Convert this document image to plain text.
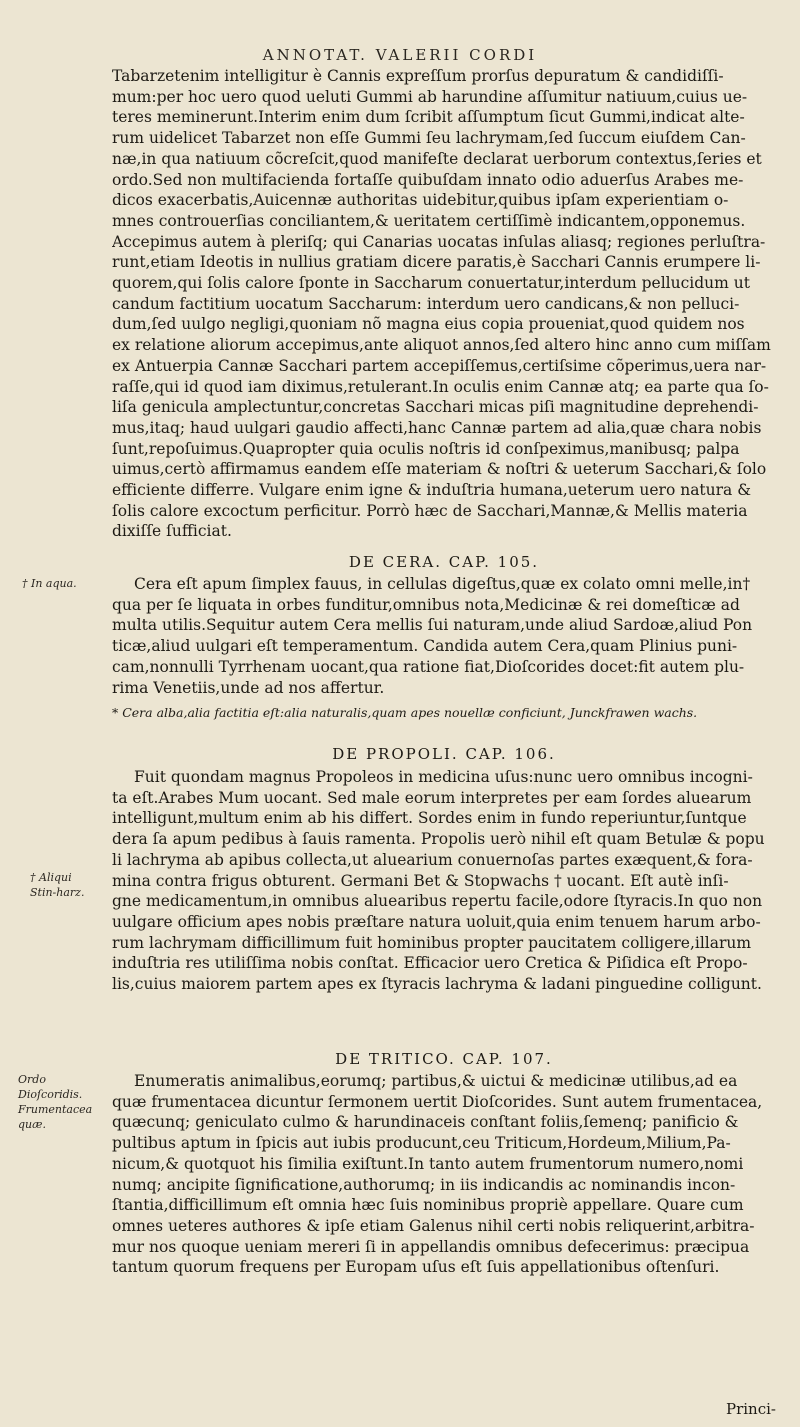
ANNOTAT. VALERII CORDI
Tabarzetenim intelligitur è Cannis expreſſum prorſus depuratum & candidiſſi-
mum:per hoc uero quod ueluti Gummi ab harundine aſſumitur natiuum,cuius ue-
teres meminerunt.Interim enim dum ſcribit aſſumptum ſicut Gummi,indicat alte-
rum uidelicet Tabarzet non eſſe Gummi ſeu lachrymam,ſed ſuccum eiuſdem Can-
næ,in qua natiuum cõcreſcit,quod manifeſte declarat uerborum contextus,ſeries et
ordo.Sed non multifacienda fortaſſe quibuſdam innato odio aduerſus Arabes me-
dicos exacerbatis,Auicennæ authoritas uidebitur,quibus ipſam experientiam o-
mnes controuerſias conciliantem,& ueritatem certiſſimè indicantem,opponemus.
Accepimus autem à pleriſq; qui Canarias uocatas inſulas aliasq; regiones perluſtra-
runt,etiam Ideotis in nullius gratiam dicere paratis,è Sacchari Cannis erumpere li-
quorem,qui ſolis calore ſponte in Saccharum conuertatur,interdum pellucidum ut
candum factitium uocatum Saccharum: interdum uero candicans,& non pelluci-
dum,ſed uulgo negligi,quoniam nõ magna eius copia proueniat,quod quidem nos
ex relatione aliorum accepimus,ante aliquot annos,ſed altero hinc anno cum miſſam
ex Antuerpia Cannæ Sacchari partem accepiſſemus,certiſsime cõperimus,uera nar-
raſſe,qui id quod iam diximus,retulerant.In oculis enim Cannæ atq; ea parte qua ſo-
liſa genicula amplectuntur,concretas Sacchari micas piſi magnitudine deprehendi-
mus,itaq; haud uulgari gaudio affecti,hanc Cannæ partem ad alia,quæ chara nobis
ſunt,repoſuimus.Quapropter quia oculis noſtris id conſpeximus,manibusq; palpa
uimus,certò affirmamus eandem eſſe materiam & noſtri & ueterum Sacchari,& ſolo
efficiente differre. Vulgare enim igne & induſtria humana,ueterum uero natura &
ſolis calore excoctum perficitur. Porrò hæc de Sacchari,Mannæ,& Mellis materia
dixiſſe ſufficiat.
DE CERA. CAP. 105.
† In aqua.	Cera eſt apum ſimplex fauus, in cellulas digeſtus,quæ ex colato omni melle,in†
qua per ſe liquata in orbes funditur,omnibus nota,Medicinæ & rei domeſticæ ad
multa utilis.Sequitur autem Cera mellis ſui naturam,unde aliud Sardoæ,aliud Pon
ticæ,aliud uulgari eſt temperamentum. Candida autem Cera,quam Plinius puni-
cam,nonnulli Tyrrhenam uocant,qua ratione fiat,Dioſcorides docet:fit autem plu-
rima Venetiis,unde ad nos affertur.
* Cera alba,alia factitia eſt:alia naturalis,quam apes nouellæ conficiunt, Junckfrawen wachs.
DE PROPOLI. CAP. 106.
† Aliqui Stin-harz.
Fuit quondam magnus Propoleos in medicina uſus:nunc uero omnibus incogni-
ta eſt.Arabes Mum uocant. Sed male eorum interpretes per eam ſordes aluearum
intelligunt,multum enim ab his differt. Sordes enim in fundo reperiuntur,ſuntque
dera ſa apum pedibus à ſauis ramenta. Propolis uerò nihil eſt quam Betulæ & popu
li lachryma ab apibus collecta,ut aluearium conuernoſas partes exæquent,& fora-
mina contra frigus obturent. Germani Bet & Stopwachs † uocant. Eſt autè inſi-
gne medicamentum,in omnibus aluearibus repertu facile,odore ſtyracis.In quo non
uulgare officium apes nobis præſtare natura uoluit,quia enim tenuem harum arbo-
rum lachrymam difficillimum fuit hominibus propter paucitatem colligere,illarum
induſtria res utiliſſima nobis conſtat. Efficacior uero Cretica & Piſidica eſt Propo-
lis,cuius maiorem partem apes ex ſtyracis lachryma & ladani pinguedine colligunt.
DE TRITICO. CAP. 107.
Ordo Dioſcoridis. Frumentacea quæ.
Enumeratis animalibus,eorumq; partibus,& uictui & medicinæ utilibus,ad ea
quæ frumentacea dicuntur ſermonem uertit Dioſcorides. Sunt autem frumentacea,
quæcunq; geniculato culmo & harundinaceis conſtant foliis,ſemenq; panificio &
pultibus aptum in ſpicis aut iubis producunt,ceu Triticum,Hordeum,Milium,Pa-
nicum,& quotquot his ſimilia exiſtunt.In tanto autem frumentorum numero,nomi
numq; ancipite ſignificatione,authorumq; in iis indicandis ac nominandis incon-
ſtantia,difficillimum eſt omnia hæc ſuis nominibus propriè appellare. Quare cum
omnes ueteres authores & ipſe etiam Galenus nihil certi nobis reliquerint,arbitra-
mur nos quoque ueniam mereri ſi in appellandis omnibus defecerimus: præcipua
tantum quorum frequens per Europam uſus eſt ſuis appellationibus oſtenſuri.
Princi-
